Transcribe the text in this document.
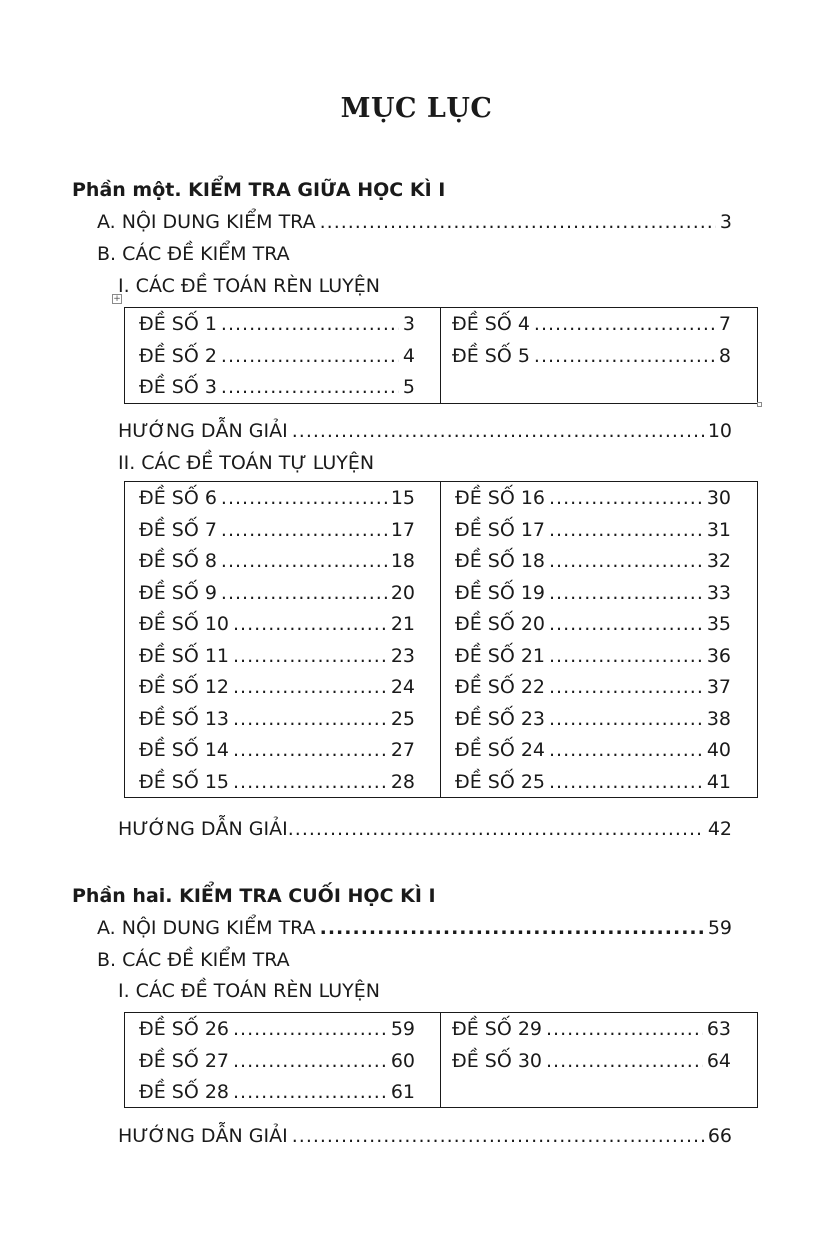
MỤC LỤC
Phần một. KIỂM TRA GIỮA HỌC KÌ I
A. NỘI DUNG KIỂM TRA .....	3
B. CÁC ĐỀ KIỂM TRA
I. CÁC ĐỀ TOÁN RÈN LUYỆN
+
ĐỀ SỐ 1 .....	3
ĐỀ SỐ 2 .....	4
ĐỀ SỐ 3 .....	5
ĐỀ SỐ 4 .....	7
ĐỀ SỐ 5 .....	8
HƯỚNG DẪN GIẢI .....	10
II. CÁC ĐỀ TOÁN TỰ LUYỆN
ĐỀ SỐ 6 .....	15
ĐỀ SỐ 7 .....	17
ĐỀ SỐ 8 .....	18
ĐỀ SỐ 9 .....	20
ĐỀ SỐ 10 .....	21
ĐỀ SỐ 11 .....	23
ĐỀ SỐ 12 .....	24
ĐỀ SỐ 13 .....	25
ĐỀ SỐ 14 .....	27
ĐỀ SỐ 15 .....	28
ĐỀ SỐ 16 .....	30
ĐỀ SỐ 17 .....	31
ĐỀ SỐ 18 .....	32
ĐỀ SỐ 19 .....	33
ĐỀ SỐ 20 .....	35
ĐỀ SỐ 21 .....	36
ĐỀ SỐ 22 .....	37
ĐỀ SỐ 23 .....	38
ĐỀ SỐ 24 .....	40
ĐỀ SỐ 25 .....	41
HƯỚNG DẪN GIẢI .....	42
Phần hai. KIỂM TRA CUỐI HỌC KÌ I
A. NỘI DUNG KIỂM TRA .....	59
B. CÁC ĐỀ KIỂM TRA
I. CÁC ĐỀ TOÁN RÈN LUYỆN
ĐỀ SỐ 26 .....	59
ĐỀ SỐ 27 .....	60
ĐỀ SỐ 28 .....	61
ĐỀ SỐ 29 .....	63
ĐỀ SỐ 30 .....	64
HƯỚNG DẪN GIẢI .....	66
